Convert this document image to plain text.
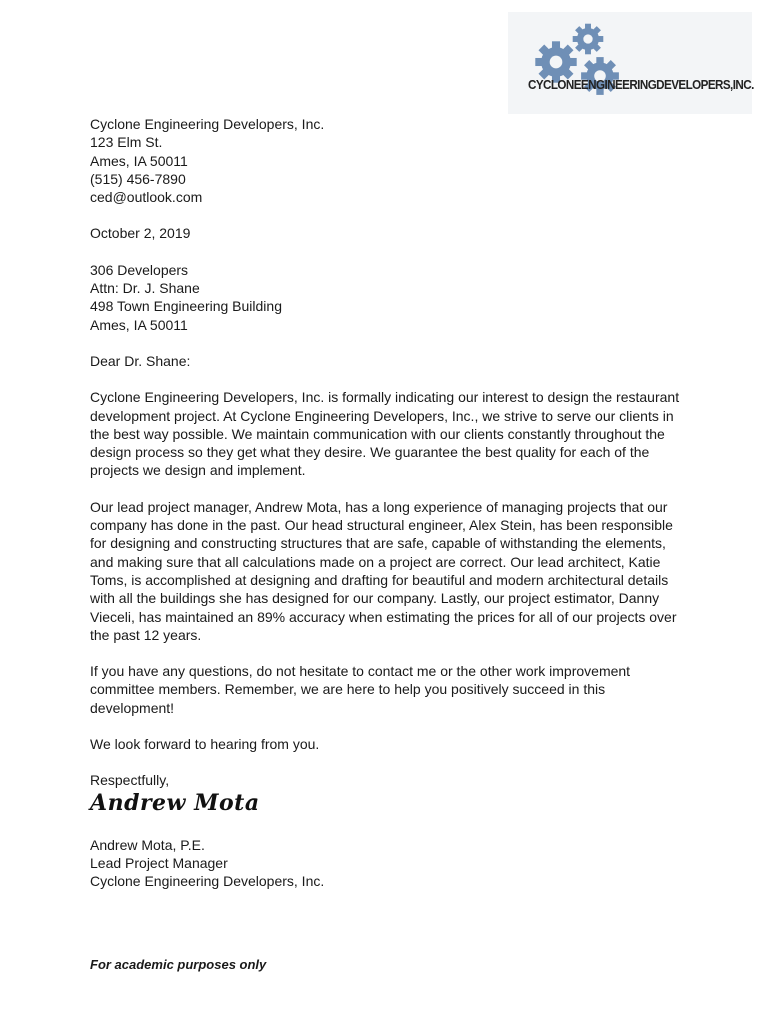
CYCLONEENGINEERINGDEVELOPERS,INC.
Cyclone Engineering Developers, Inc.
123 Elm St.
Ames, IA 50011
(515) 456-7890
ced@outlook.com
October 2, 2019
306 Developers
Attn: Dr. J. Shane
498 Town Engineering Building
Ames, IA 50011
Dear Dr. Shane:

Cyclone Engineering Developers, Inc. is formally indicating our interest to design the restaurant development project. At Cyclone Engineering Developers, Inc., we strive to serve our clients in the best way possible. We maintain communication with our clients constantly throughout the design process so they get what they desire. We guarantee the best quality for each of the projects we design and implement.

Our lead project manager, Andrew Mota, has a long experience of managing projects that our company has done in the past. Our head structural engineer, Alex Stein, has been responsible for designing and constructing structures that are safe, capable of withstanding the elements, and making sure that all calculations made on a project are correct. Our lead architect, Katie Toms, is accomplished at designing and drafting for beautiful and modern architectural details with all the buildings she has designed for our company. Lastly, our project estimator, Danny Vieceli, has maintained an 89% accuracy when estimating the prices for all of our projects over the past 12 years.

If you have any questions, do not hesitate to contact me or the other work improvement committee members. Remember, we are here to help you positively succeed in this development!

We look forward to hearing from you.

Respectfully,
Andrew Mota
Andrew Mota, P.E.
Lead Project Manager
Cyclone Engineering Developers, Inc.
For academic purposes only
